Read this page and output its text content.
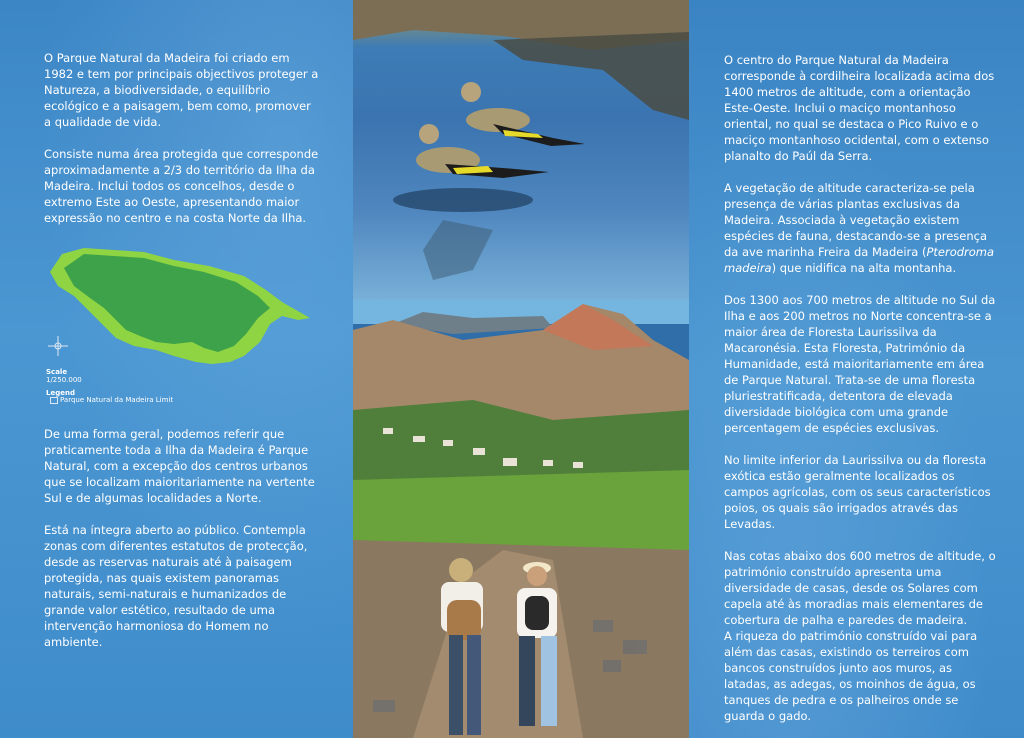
O Parque Natural da Madeira foi criado em 1982 e tem por principais objectivos proteger a Natureza, a biodiversidade, o equilíbrio ecológico e a paisagem, bem como, promover a qualidade de vida.

Consiste numa área protegida que corresponde aproximadamente a 2/3 do território da Ilha da Madeira. Inclui todos os concelhos, desde o extremo Este ao Oeste, apresentando maior expressão no centro e na costa Norte da Ilha.

Scale
1/250.000
Legend
Parque Natural da Madeira Limit

De uma forma geral, podemos referir que praticamente toda a Ilha da Madeira é Parque Natural, com a excepção dos centros urbanos que se localizam maioritariamente na vertente Sul e de algumas localidades a Norte.

Está na íntegra aberto ao público. Contempla zonas com diferentes estatutos de protecção, desde as reservas naturais até à paisagem protegida, nas quais existem panoramas naturais, semi-naturais e humanizados de grande valor estético, resultado de uma intervenção harmoniosa do Homem no ambiente.

O centro do Parque Natural da Madeira corresponde à cordilheira localizada acima dos 1400 metros de altitude, com a orientação Este-Oeste. Inclui o maciço montanhoso oriental, no qual se destaca o Pico Ruivo e o maciço montanhoso ocidental, com o extenso planalto do Paúl da Serra.

A vegetação de altitude caracteriza-se pela presença de várias plantas exclusivas da Madeira. Associada à vegetação existem espécies de fauna, destacando-se a presença da ave marinha Freira da Madeira (Pterodroma madeira) que nidifica na alta montanha.

Dos 1300 aos 700 metros de altitude no Sul da Ilha e aos 200 metros no Norte concentra-se a maior área de Floresta Laurissilva da Macaronésia. Esta Floresta, Património da Humanidade, está maioritariamente em área de Parque Natural. Trata-se de uma floresta pluriestratificada, detentora de elevada diversidade biológica com uma grande percentagem de espécies exclusivas.

No limite inferior da Laurissilva ou da floresta exótica estão geralmente localizados os campos agrícolas, com os seus característicos poios, os quais são irrigados através das Levadas.

Nas cotas abaixo dos 600 metros de altitude, o património construído apresenta uma diversidade de casas, desde os Solares com capela até às moradias mais elementares de cobertura de palha e paredes de madeira.
A riqueza do património construído vai para além das casas, existindo os terreiros com bancos construídos junto aos muros, as latadas, as adegas, os moinhos de água, os tanques de pedra e os palheiros onde se guarda o gado.
